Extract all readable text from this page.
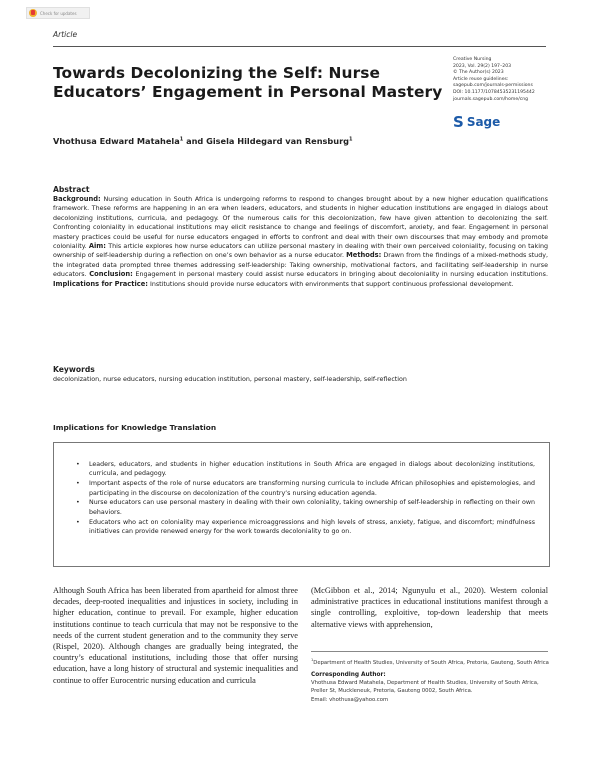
Check for updates
Article
Towards Decolonizing the Self: Nurse Educators’ Engagement in Personal Mastery
Creative Nursing
2023, Vol. 29(2) 197–203
© The Author(s) 2023
Article reuse guidelines:
sagepub.com/journals-permissions
DOI: 10.1177/10784535231195442
journals.sagepub.com/home/cng
S Sage
Vhothusa Edward Matahela$^1$ and Gisela Hildegard van Rensburg$^1$
Abstract

Background: Nursing education in South Africa is undergoing reforms to respond to changes brought about by a new higher education qualifications framework. These reforms are happening in an era when leaders, educators, and students in higher education institutions are engaged in dialogs about decolonizing institutions, curricula, and pedagogy. Of the numerous calls for this decolonization, few have given attention to decolonizing the self. Confronting coloniality in educational institutions may elicit resistance to change and feelings of discomfort, anxiety, and fear. Engagement in personal mastery practices could be useful for nurse educators engaged in efforts to confront and deal with their own discourses that may embody and promote coloniality. Aim: This article explores how nurse educators can utilize personal mastery in dealing with their own perceived coloniality, focusing on taking ownership of self-leadership during a reflection on one’s own behavior as a nurse educator. Methods: Drawn from the findings of a mixed-methods study, the integrated data prompted three themes addressing self-leadership: Taking ownership, motivational factors, and facilitating self-leadership in nurse educators. Conclusion: Engagement in personal mastery could assist nurse educators in bringing about decoloniality in nursing education institutions. Implications for Practice: Institutions should provide nurse educators with environments that support continuous professional development.

Keywords

decolonization, nurse educators, nursing education institution, personal mastery, self-leadership, self-reflection

Implications for Knowledge Translation
• Leaders, educators, and students in higher education institutions in South Africa are engaged in dialogs about decolonizing institutions, curricula, and pedagogy.
• Important aspects of the role of nurse educators are transforming nursing curricula to include African philosophies and epistemologies, and participating in the discourse on decolonization of the country’s nursing education agenda.
• Nurse educators can use personal mastery in dealing with their own coloniality, taking ownership of self-leadership in reflecting on their own behaviors.
• Educators who act on coloniality may experience microaggressions and high levels of stress, anxiety, fatigue, and discomfort; mindfulness initiatives can provide renewed energy for the work towards decoloniality to go on.

Although South Africa has been liberated from apartheid for almost three decades, deep-rooted inequalities and injustices in society, including in higher education, continue to prevail. For example, higher education institutions continue to teach curricula that may not be responsive to the needs of the current student generation and to the community they serve (Rispel, 2020). Although changes are gradually being integrated, the country’s educational institutions, including those that offer nursing education, have a long history of structural and systemic inequalities and continue to offer Eurocentric nursing education and curricula

(McGibbon et al., 2014; Ngunyulu et al., 2020). Western colonial administrative practices in educational institutions manifest through a single controlling, exploitive, top-down leadership that meets alternative views with apprehension,

$^1$Department of Health Studies, University of South Africa, Pretoria, Gauteng, South Africa
Corresponding Author:
Vhothusa Edward Matahela, Department of Health Studies, University of South Africa, Preller St, Muckleneuk, Pretoria, Gauteng 0002, South Africa.
Email: vhothusa@yahoo.com
